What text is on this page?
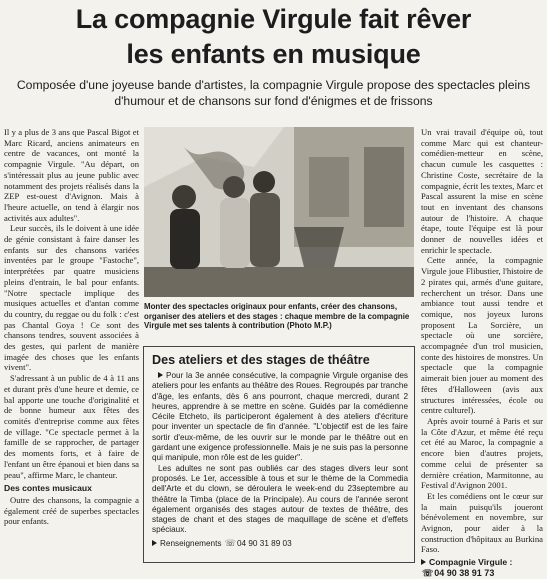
La compagnie Virgule fait rêver
les enfants en musique
Composée d'une joyeuse bande d'artistes, la compagnie Virgule propose des spectacles pleins d'humour et de chansons sur fond d'énigmes et de frissons

Il y a plus de 3 ans que Pascal Bigot et Marc Ricard, anciens animateurs en centre de vacances, ont monté la compagnie Virgule. "Au départ, on s'intéressait plus au jeune public avec notamment des projets réalisés dans la ZEP est-ouest d'Avignon. Mais à l'heure actuelle, on tend à élargir nos activités aux adultes".

Leur succès, ils le doivent à une idée de génie consistant à faire danser les enfants sur des chansons variées inventées par le groupe "Fastoche", interprétées par quatre musiciens pleins d'entrain, le bal pour enfants. "Notre spectacle implique des musiques actuelles et d'antan comme du country, du reggae ou du folk : c'est pas Chantal Goya ! Ce sont des chansons tendres, souvent associées à des gestes, qui parlent de manière imagée des choses que les enfants vivent".

S'adressant à un public de 4 à 11 ans et durant près d'une heure et demie, ce bal apporte une touche d'originalité et de bonne humeur aux fêtes des comités d'entreprise comme aux fêtes de village. "Ce spectacle permet à la famille de se rapprocher, de partager des moments forts, et à faire de l'enfant un être épanoui et bien dans sa peau", affirme Marc, le chanteur.

Des contes musicaux

Outre des chansons, la compagnie a également créé de superbes spectacles pour enfants.

Monter des spectacles originaux pour enfants, créer des chansons, organiser des ateliers et des stages : chaque membre de la compagnie Virgule met ses talents à contribution (Photo M.P.)
Des ateliers et des stages de théâtre

Pour la 3e année consécutive, la compagnie Virgule organise des ateliers pour les enfants au théâtre des Roues. Regroupés par tranche d'âge, les enfants, dès 6 ans pourront, chaque mercredi, durant 2 heures, apprendre à se mettre en scène. Guidés par la comédienne Cécile Etcheto, ils participeront également à des ateliers d'écriture pour inventer un spectacle de fin d'année. "L'objectif est de les faire sortir d'eux-même, de les ouvrir sur le monde par le théâtre out en gardant une exigence professionnelle. Mais je ne suis pas la personne qui manipule, mon rôle est de les guider".

Les adultes ne sont pas oubliés car des stages divers leur sont proposés. Le 1er, accessible à tous et sur le thème de la Commedia dell'Arte et du clown, se déroulera le week-end du 23septembre au théâtre la Timba (place de la Principale). Au cours de l'année seront également organisés des stages autour de textes de théâtre, des stages de chant et des stages de maquillage de scène et d'effets spéciaux.

Renseignements ☏04 90 31 89 03

Un vrai travail d'équipe où, tout comme Marc qui est chanteur-comédien-metteur en scène, chacun cumule les casquettes : Christine Coste, secrétaire de la compagnie, écrit les textes, Marc et Pascal assurent la mise en scène tout en inventant des chansons autour de l'histoire. A chaque étape, toute l'équipe est là pour donner de nouvelles idées et enrichir le spectacle.

Cette année, la compagnie Virgule joue Flibustier, l'histoire de 2 pirates qui, armés d'une guitare, recherchent un trésor. Dans une ambiance tout aussi tendre et comique, nos joyeux lurons proposent La Sorcière, un spectacle où une sorcière, accompagnée d'un trol musicien, conte des histoires de monstres. Un spectacle que la compagnie aimerait bien jouer au moment des fêtes d'Halloween (avis aux structures intéressées, école ou centre culturel).

Après avoir tourné à Paris et sur la Côte d'Azur, et même été reçu cet été au Maroc, la compagnie a encore bien d'autres projets, comme celui de présenter sa dernière création, Marmitonne, au Festival d'Avignon 2001.

Et les comédiens ont le cœur sur la main puisqu'ils joueront bénévolement en novembre, sur Avignon, pour aider à la construction d'hôpitaux au Burkina Faso.

Compagnie Virgule :
☏04 90 38 91 73
